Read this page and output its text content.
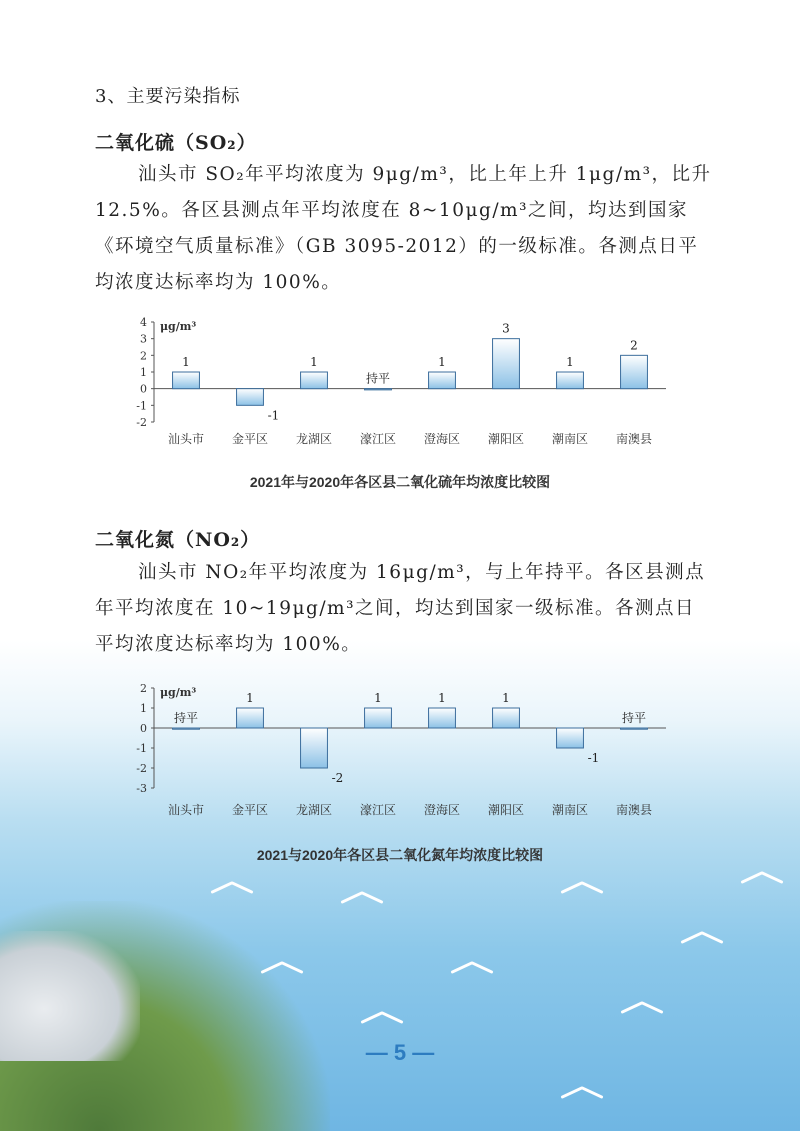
3、主要污染指标
二氧化硫（SO₂）

汕头市 SO₂年平均浓度为 9μg/m³，比上年上升 1μg/m³，比升

12.5%。各区县测点年平均浓度在 8~10μg/m³之间，均达到国家

《环境空气质量标准》（GB 3095-2012）的一级标准。各测点日平

均浓度达标率均为 100%。

μg/m³
4
3
2
1
0
-1
-2
1
汕头市
-1
金平区
1
龙湖区
持平
濠江区
1
澄海区
3
潮阳区
1
潮南区
2
南澳县
2021年与2020年各区县二氧化硫年均浓度比较图
二氧化氮（NO₂）

汕头市 NO₂年平均浓度为 16μg/m³，与上年持平。各区县测点

年平均浓度在 10~19μg/m³之间，均达到国家一级标准。各测点日

平均浓度达标率均为 100%。

μg/m³
2
1
0
-1
-2
-3
持平
汕头市
1
金平区
-2
龙湖区
1
濠江区
1
澄海区
1
潮阳区
-1
潮南区
持平
南澳县
2021与2020年各区县二氧化氮年均浓度比较图
— 5 —
